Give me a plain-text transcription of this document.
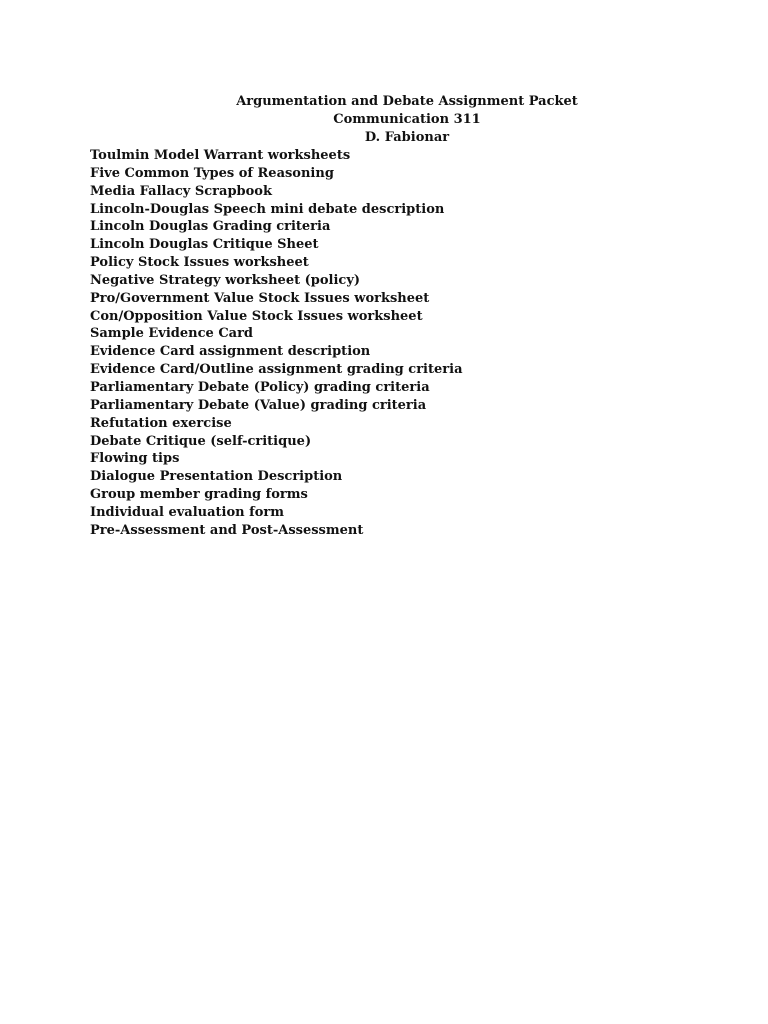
Argumentation and Debate Assignment Packet
Communication 311
D. Fabionar
Toulmin Model Warrant worksheets
Five Common Types of Reasoning
Media Fallacy Scrapbook
Lincoln-Douglas Speech mini debate description
Lincoln Douglas Grading criteria
Lincoln Douglas Critique Sheet
Policy Stock Issues worksheet
Negative Strategy worksheet (policy)
Pro/Government Value Stock Issues worksheet
Con/Opposition Value Stock Issues worksheet
Sample Evidence Card
Evidence Card assignment description
Evidence Card/Outline assignment grading criteria
Parliamentary Debate (Policy) grading criteria
Parliamentary Debate (Value) grading criteria
Refutation exercise
Debate Critique (self-critique)
Flowing tips
Dialogue Presentation Description
Group member grading forms
Individual evaluation form
Pre-Assessment and Post-Assessment
